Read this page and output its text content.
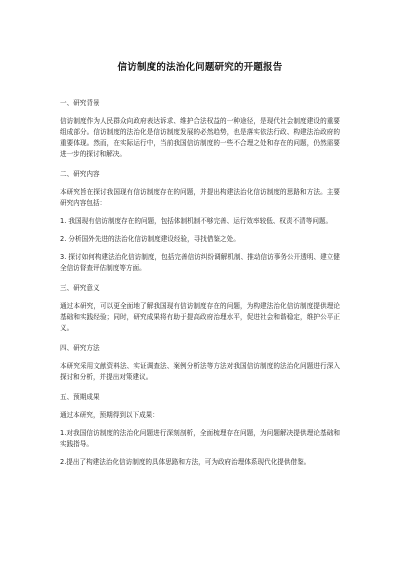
信访制度的法治化问题研究的开题报告
一、研究背景

信访制度作为人民群众向政府表达诉求、维护合法权益的一种途径，是现代社会制度建设的重要组成部分。信访制度的法治化是信访制度发展的必然趋势，也是落实依法行政、构建法治政府的重要体现。然而，在实际运行中，当前我国信访制度的一些不合理之处和存在的问题，仍然需要进一步的探讨和解决。

二、研究内容

本研究旨在探讨我国现有信访制度存在的问题，并提出构建法治化信访制度的思路和方法。主要研究内容包括：

1. 我国现有信访制度存在的问题，包括体制机制不够完善、运行效率较低、权责不清等问题。

2. 分析国外先进的法治化信访制度建设经验，寻找借鉴之处。

3. 探讨如何构建法治化信访制度，包括完善信访纠纷调解机制、推动信访事务公开透明、建立健全信访督查评估制度等方面。

三、研究意义

通过本研究，可以更全面地了解我国现有信访制度存在的问题，为构建法治化信访制度提供理论基础和实践经验；同时，研究成果将有助于提高政府治理水平，促进社会和谐稳定，维护公平正义。

四、研究方法

本研究采用文献资料法、实证调查法、案例分析法等方法对我国信访制度的法治化问题进行深入探讨和分析，并提出对策建议。

五、预期成果

通过本研究，预期得到以下成果：

1.对我国信访制度的法治化问题进行深刻剖析，全面梳理存在问题，为问题解决提供理论基础和实践指导。

2.提出了构建法治化信访制度的具体思路和方法，可为政府治理体系现代化提供借鉴。
